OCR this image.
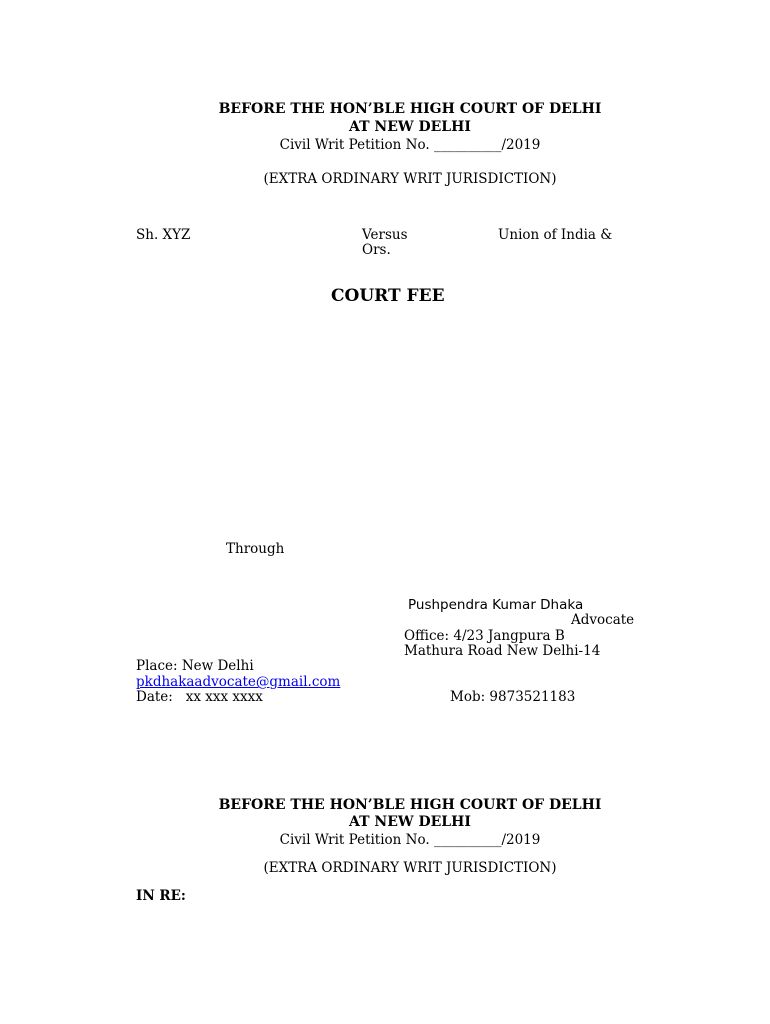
BEFORE THE HON’BLE HIGH COURT OF DELHI
AT NEW DELHI
Civil Writ Petition No. __________/2019
(EXTRA ORDINARY WRIT JURISDICTION)
Sh. XYZ	Versus	Union of India &
Ors.
COURT FEE
Through
Pushpendra Kumar Dhaka
Advocate
Office: 4/23 Jangpura B
Mathura Road New Delhi-14
Place: New Delhi
pkdhakaadvocate@gmail.com
Date:   xx xxx xxxx	Mob: 9873521183
BEFORE THE HON’BLE HIGH COURT OF DELHI
AT NEW DELHI
Civil Writ Petition No. __________/2019
(EXTRA ORDINARY WRIT JURISDICTION)
IN RE:
